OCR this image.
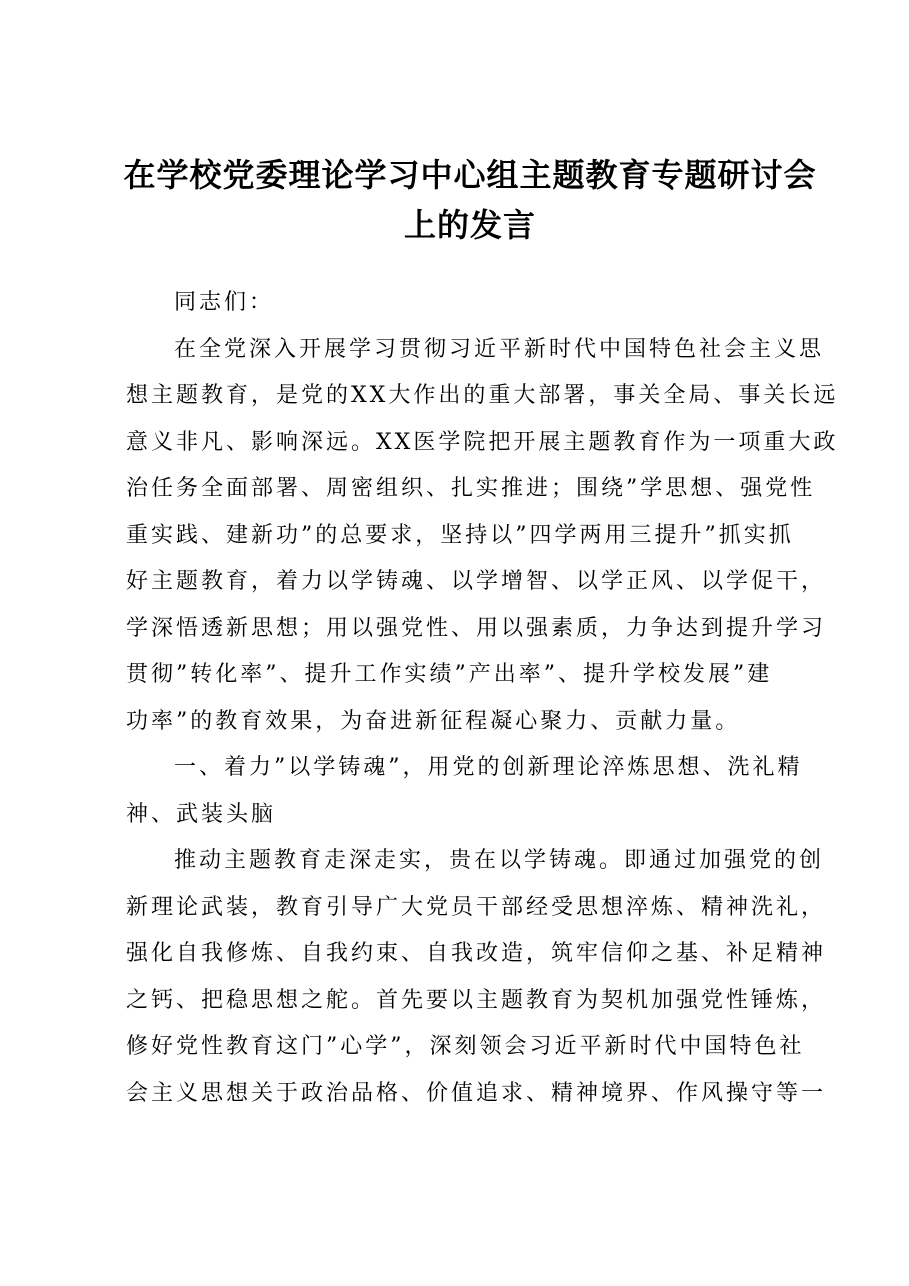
在学校党委理论学习中心组主题教育专题研讨会
上的发言
同志们：
在全党深入开展学习贯彻习近平新时代中国特色社会主义思
想主题教育，是党的XX大作出的重大部署，事关全局、事关长远
意义非凡、影响深远。XX医学院把开展主题教育作为一项重大政
治任务全面部署、周密组织、扎实推进；围绕”学思想、强党性
重实践、建新功”的总要求，坚持以”四学两用三提升”抓实抓
好主题教育，着力以学铸魂、以学增智、以学正风、以学促干，
学深悟透新思想；用以强党性、用以强素质，力争达到提升学习
贯彻”转化率”、提升工作实绩”产出率”、提升学校发展”建
功率”的教育效果，为奋进新征程凝心聚力、贡献力量。
一、着力”以学铸魂”，用党的创新理论淬炼思想、洗礼精
神、武装头脑
推动主题教育走深走实，贵在以学铸魂。即通过加强党的创
新理论武装，教育引导广大党员干部经受思想淬炼、精神洗礼，
强化自我修炼、自我约束、自我改造，筑牢信仰之基、补足精神
之钙、把稳思想之舵。首先要以主题教育为契机加强党性锤炼，
修好党性教育这门”心学”，深刻领会习近平新时代中国特色社
会主义思想关于政治品格、价值追求、精神境界、作风操守等一
